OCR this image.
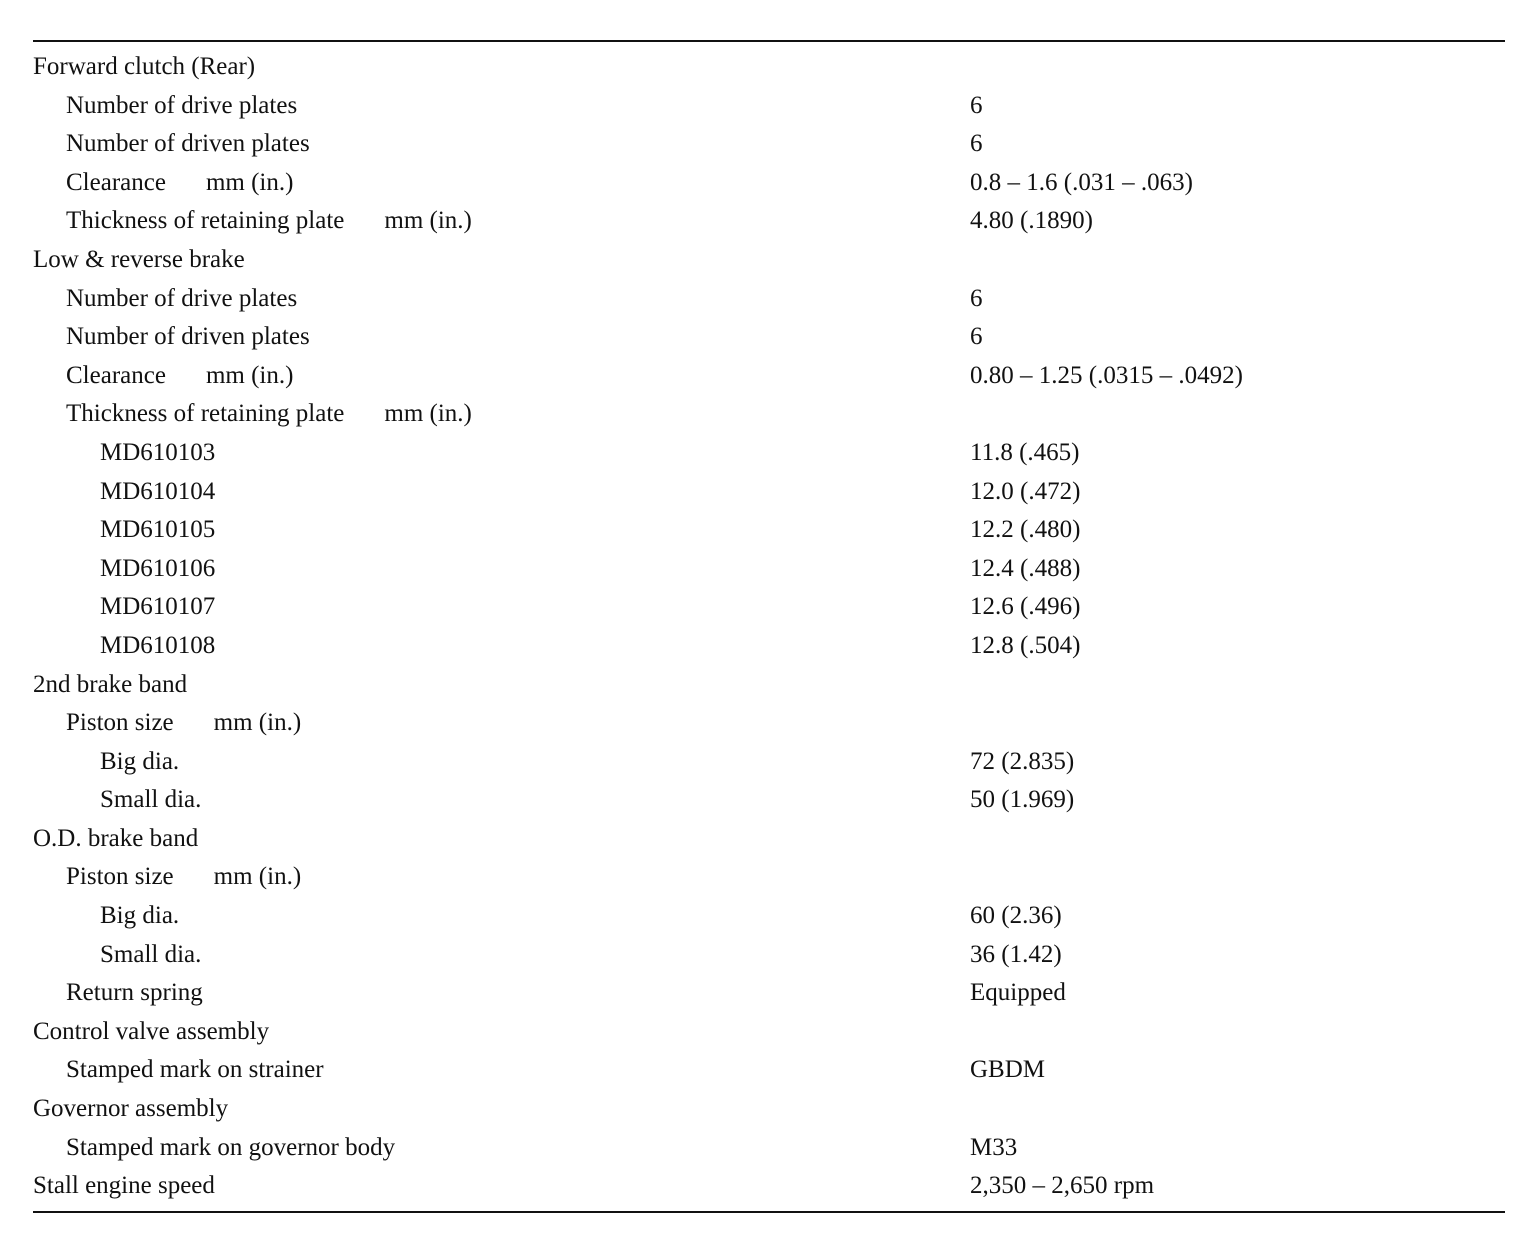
Forward clutch (Rear)
Number of drive plates	6
Number of driven plates	6
Clearance mm (in.)	0.8 – 1.6 (.031 – .063)
Thickness of retaining plate mm (in.)	4.80 (.1890)
Low & reverse brake
Number of drive plates	6
Number of driven plates	6
Clearance mm (in.)	0.80 – 1.25 (.0315 – .0492)
Thickness of retaining plate mm (in.)
MD610103	11.8 (.465)
MD610104	12.0 (.472)
MD610105	12.2 (.480)
MD610106	12.4 (.488)
MD610107	12.6 (.496)
MD610108	12.8 (.504)
2nd brake band
Piston size mm (in.)
Big dia.	72 (2.835)
Small dia.	50 (1.969)
O.D. brake band
Piston size mm (in.)
Big dia.	60 (2.36)
Small dia.	36 (1.42)
Return spring	Equipped
Control valve assembly
Stamped mark on strainer	GBDM
Governor assembly
Stamped mark on governor body	M33
Stall engine speed	2,350 – 2,650 rpm
